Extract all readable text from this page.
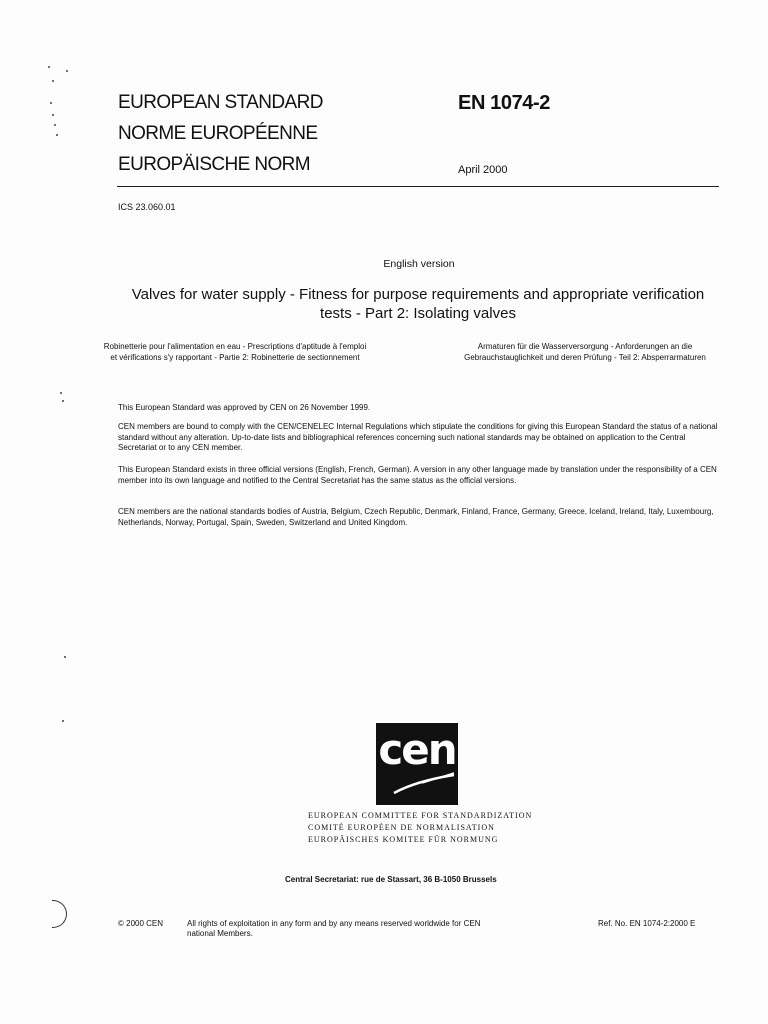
EUROPEAN STANDARD
NORME EUROPÉENNE
EUROPÄISCHE NORM
EN 1074-2
April 2000
ICS 23.060.01
English version
Valves for water supply - Fitness for purpose requirements and appropriate verification tests - Part 2: Isolating valves
Robinetterie pour l'alimentation en eau - Prescriptions d'aptitude à l'emploi et vérifications s'y rapportant - Partie 2: Robinetterie de sectionnement
Armaturen für die Wasserversorgung - Anforderungen an die Gebrauchstauglichkeit und deren Prüfung - Teil 2: Absperrarmaturen
This European Standard was approved by CEN on 26 November 1999.
CEN members are bound to comply with the CEN/CENELEC Internal Regulations which stipulate the conditions for giving this European Standard the status of a national standard without any alteration. Up-to-date lists and bibliographical references concerning such national standards may be obtained on application to the Central Secretariat or to any CEN member.
This European Standard exists in three official versions (English, French, German). A version in any other language made by translation under the responsibility of a CEN member into its own language and notified to the Central Secretariat has the same status as the official versions.
CEN members are the national standards bodies of Austria, Belgium, Czech Republic, Denmark, Finland, France, Germany, Greece, Iceland, Ireland, Italy, Luxembourg, Netherlands, Norway, Portugal, Spain, Sweden, Switzerland and United Kingdom.
cen
EUROPEAN COMMITTEE FOR STANDARDIZATION
COMITÉ EUROPÉEN DE NORMALISATION
EUROPÄISCHES KOMITEE FÜR NORMUNG
Central Secretariat: rue de Stassart, 36 B-1050 Brussels
© 2000 CEN	All rights of exploitation in any form and by any means reserved worldwide for CEN national Members.
Ref. No. EN 1074-2:2000 E
